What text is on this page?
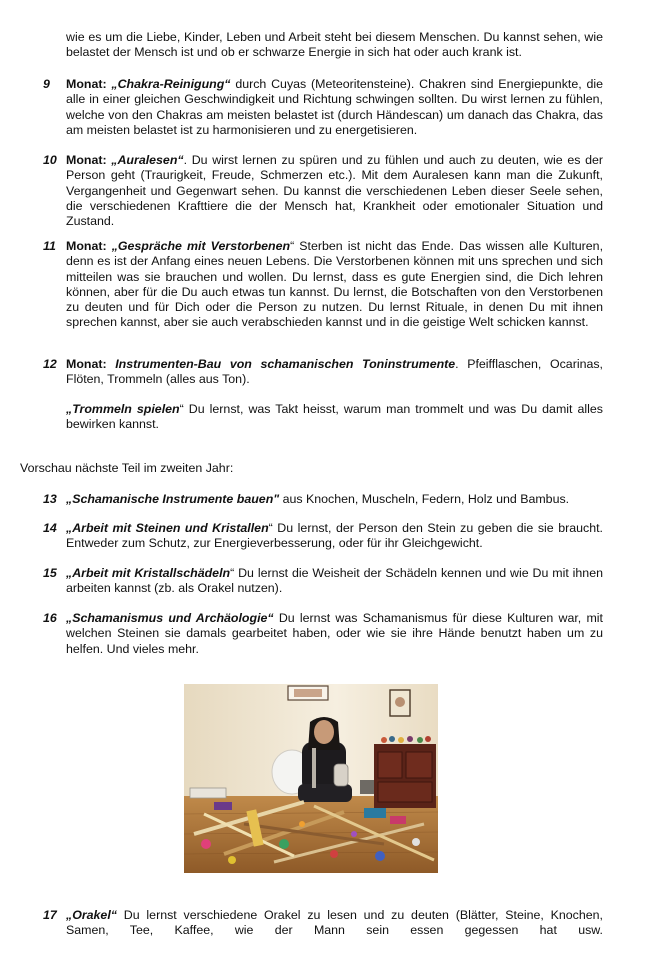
wie es um die Liebe, Kinder, Leben und Arbeit steht bei diesem Menschen. Du kannst sehen, wie belastet der Mensch ist und ob er schwarze Energie in sich hat oder auch krank ist.
9 Monat: „Chakra-Reinigung“ durch Cuyas (Meteoritensteine). Chakren sind Energiepunkte, die alle in einer gleichen Geschwindigkeit und Richtung schwingen sollten. Du wirst lernen zu fühlen, welche von den Chakras am meisten belastet ist (durch Händescan) um danach das Chakra, das am meisten belastet ist zu harmonisieren und zu energetisieren.
10 Monat: „Auralesen“. Du wirst lernen zu spüren und zu fühlen und auch zu deuten, wie es der Person geht (Traurigkeit, Freude, Schmerzen etc.). Mit dem Auralesen kann man die Zukunft, Vergangenheit und Gegenwart sehen. Du kannst die verschiedenen Leben dieser Seele sehen, die verschiedenen Krafttiere die der Mensch hat, Krankheit oder emotionaler Situation und Zustand.
11 Monat: „Gespräche mit Verstorbenen“ Sterben ist nicht das Ende. Das wissen alle Kulturen, denn es ist der Anfang eines neuen Lebens. Die Verstorbenen können mit uns sprechen und sich mitteilen was sie brauchen und wollen. Du lernst, dass es gute Energien sind, die Dich lehren können, aber für die Du auch etwas tun kannst. Du lernst, die Botschaften von den Verstorbenen zu deuten und für Dich oder die Person zu nutzen. Du lernst Rituale, in denen Du mit ihnen sprechen kannst, aber sie auch verabschieden kannst und in die geistige Welt schicken kannst.
12 Monat: Instrumenten-Bau von schamanischen Toninstrumente. Pfeifflaschen, Ocarinas, Flöten, Trommeln (alles aus Ton).
„Trommeln spielen“ Du lernst, was Takt heisst, warum man trommelt und was Du damit alles bewirken kannst.
Vorschau nächste Teil im zweiten Jahr:
13 „Schamanische Instrumente bauen" aus Knochen, Muscheln, Federn, Holz und Bambus.
14 „Arbeit mit Steinen und Kristallen“ Du lernst, der Person den Stein zu geben die sie braucht. Entweder zum Schutz, zur Energieverbesserung, oder für ihr Gleichgewicht.
15 „Arbeit mit Kristallschädeln“ Du lernst die Weisheit der Schädeln kennen und wie Du mit ihnen arbeiten kannst (zb. als Orakel nutzen).
16 „Schamanismus und Archäologie“ Du lernst was Schamanismus für diese Kulturen war, mit welchen Steinen sie damals gearbeitet haben, oder wie sie ihre Hände benutzt haben um zu helfen. Und vieles mehr.
17 „Orakel“ Du lernst verschiedene Orakel zu lesen und zu deuten (Blätter, Steine, Knochen, Samen, Tee, Kaffee, wie der Mann sein essen gegessen hat usw.
